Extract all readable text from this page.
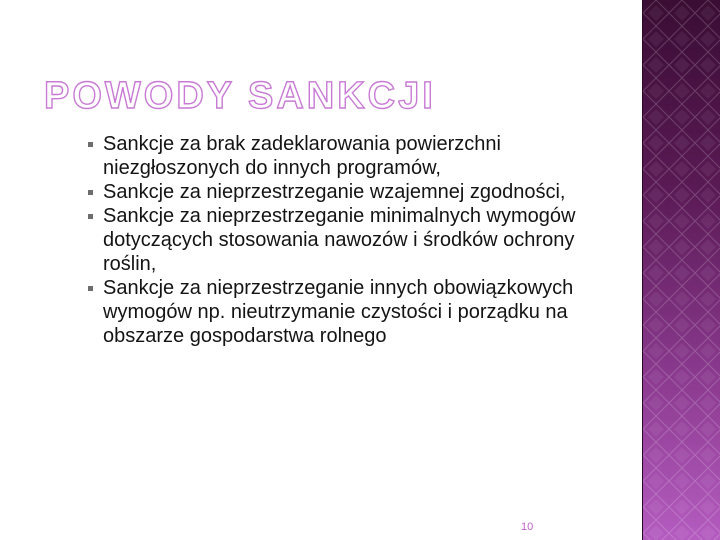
POWODY SANKCJI
Sankcje za brak zadeklarowania powierzchni niezgłoszonych do innych programów,
Sankcje za nieprzestrzeganie wzajemnej zgodności,
Sankcje za nieprzestrzeganie minimalnych wymogów dotyczących stosowania nawozów i środków ochrony roślin,
Sankcje za nieprzestrzeganie innych obowiązkowych wymogów np. nieutrzymanie czystości i porządku na obszarze gospodarstwa rolnego
10
